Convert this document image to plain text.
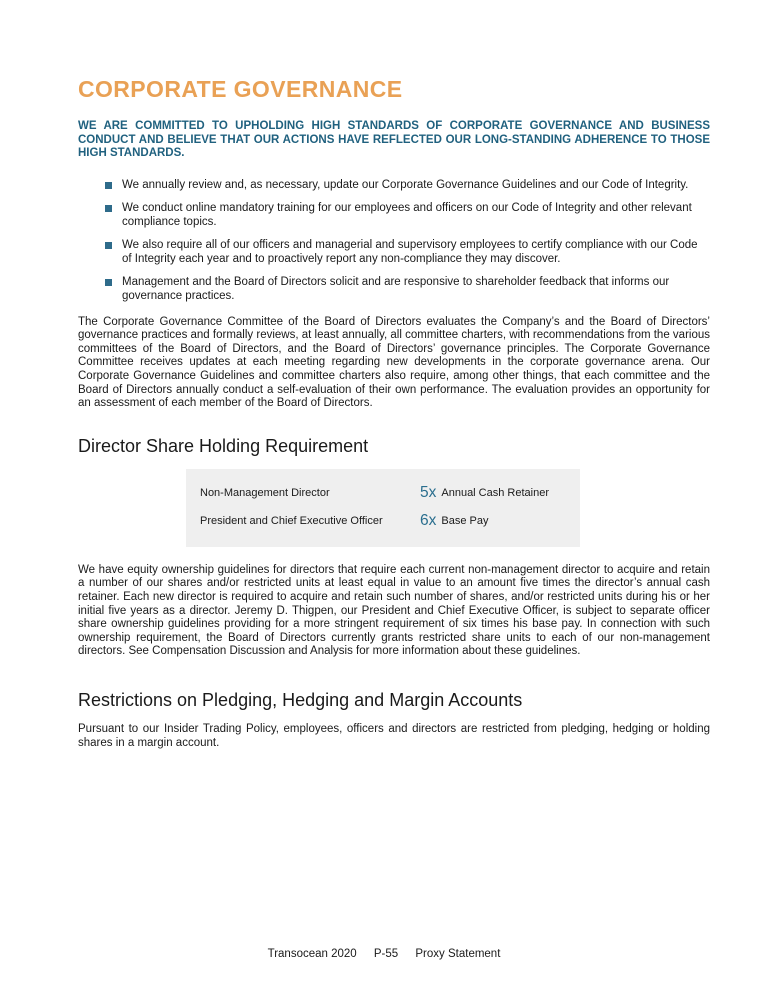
CORPORATE GOVERNANCE

WE ARE COMMITTED TO UPHOLDING HIGH STANDARDS OF CORPORATE GOVERNANCE AND BUSINESS CONDUCT AND BELIEVE THAT OUR ACTIONS HAVE REFLECTED OUR LONG-STANDING ADHERENCE TO THOSE HIGH STANDARDS.

We annually review and, as necessary, update our Corporate Governance Guidelines and our Code of Integrity.
We conduct online mandatory training for our employees and officers on our Code of Integrity and other relevant compliance topics.
We also require all of our officers and managerial and supervisory employees to certify compliance with our Code of Integrity each year and to proactively report any non-compliance they may discover.
Management and the Board of Directors solicit and are responsive to shareholder feedback that informs our governance practices.

The Corporate Governance Committee of the Board of Directors evaluates the Company’s and the Board of Directors’ governance practices and formally reviews, at least annually, all committee charters, with recommendations from the various committees of the Board of Directors, and the Board of Directors’ governance principles. The Corporate Governance Committee receives updates at each meeting regarding new developments in the corporate governance arena. Our Corporate Governance Guidelines and committee charters also require, among other things, that each committee and the Board of Directors annually conduct a self-evaluation of their own performance. The evaluation provides an opportunity for an assessment of each member of the Board of Directors.

Director Share Holding Requirement
Non-Management Director	5x Annual Cash Retainer
President and Chief Executive Officer	6x Base Pay

We have equity ownership guidelines for directors that require each current non-management director to acquire and retain a number of our shares and/or restricted units at least equal in value to an amount five times the director’s annual cash retainer. Each new director is required to acquire and retain such number of shares, and/or restricted units during his or her initial five years as a director. Jeremy D. Thigpen, our President and Chief Executive Officer, is subject to separate officer share ownership guidelines providing for a more stringent requirement of six times his base pay. In connection with such ownership requirement, the Board of Directors currently grants restricted share units to each of our non-management directors. See Compensation Discussion and Analysis for more information about these guidelines.

Restrictions on Pledging, Hedging and Margin Accounts

Pursuant to our Insider Trading Policy, employees, officers and directors are restricted from pledging, hedging or holding shares in a margin account.

Transocean 2020 P-55 Proxy Statement
